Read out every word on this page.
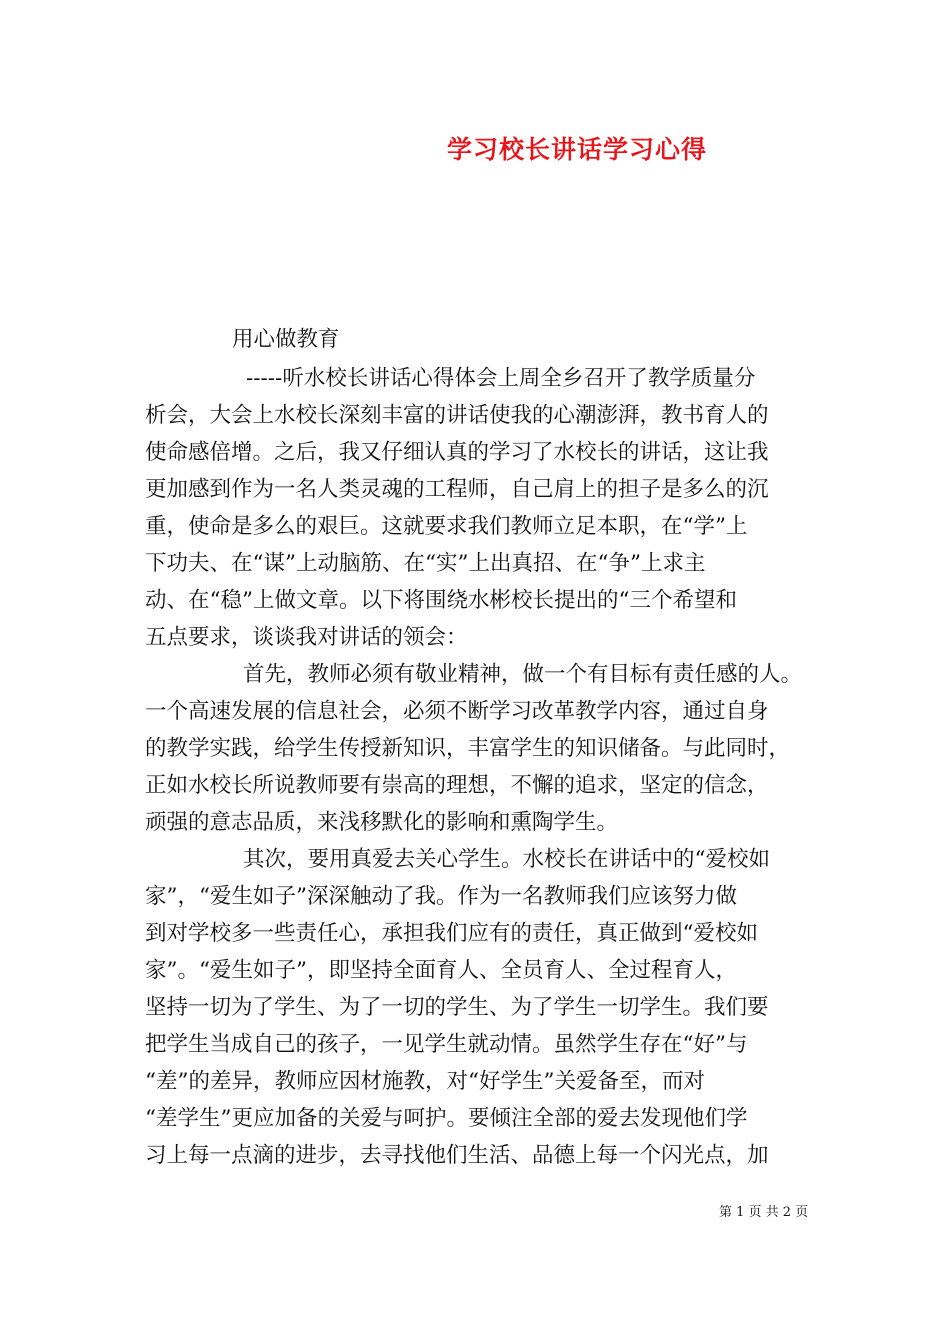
学习校长讲话学习心得

用心做教育

-----听水校长讲话心得体会上周全乡召开了教学质量分

析会，大会上水校长深刻丰富的讲话使我的心潮澎湃，教书育人的

使命感倍增。之后，我又仔细认真的学习了水校长的讲话，这让我

更加感到作为一名人类灵魂的工程师，自己肩上的担子是多么的沉

重，使命是多么的艰巨。这就要求我们教师立足本职，在“学”上

下功夫、在“谋”上动脑筋、在“实”上出真招、在“争”上求主

动、在“稳”上做文章。以下将围绕水彬校长提出的“三个希望和

五点要求，谈谈我对讲话的领会：

首先，教师必须有敬业精神，做一个有目标有责任感的人。

一个高速发展的信息社会，必须不断学习改革教学内容，通过自身

的教学实践，给学生传授新知识，丰富学生的知识储备。与此同时，

正如水校长所说教师要有崇高的理想，不懈的追求，坚定的信念，

顽强的意志品质，来浅移默化的影响和熏陶学生。

其次，要用真爱去关心学生。水校长在讲话中的“爱校如

家”，“爱生如子”深深触动了我。作为一名教师我们应该努力做

到对学校多一些责任心，承担我们应有的责任，真正做到“爱校如

家”。“爱生如子”，即坚持全面育人、全员育人、全过程育人，

坚持一切为了学生、为了一切的学生、为了学生一切学生。我们要

把学生当成自己的孩子，一见学生就动情。虽然学生存在“好”与

“差”的差异，教师应因材施教，对“好学生”关爱备至，而对

“差学生”更应加备的关爱与呵护。要倾注全部的爱去发现他们学

习上每一点滴的进步，去寻找他们生活、品德上每一个闪光点，加

第 1 页 共 2 页
